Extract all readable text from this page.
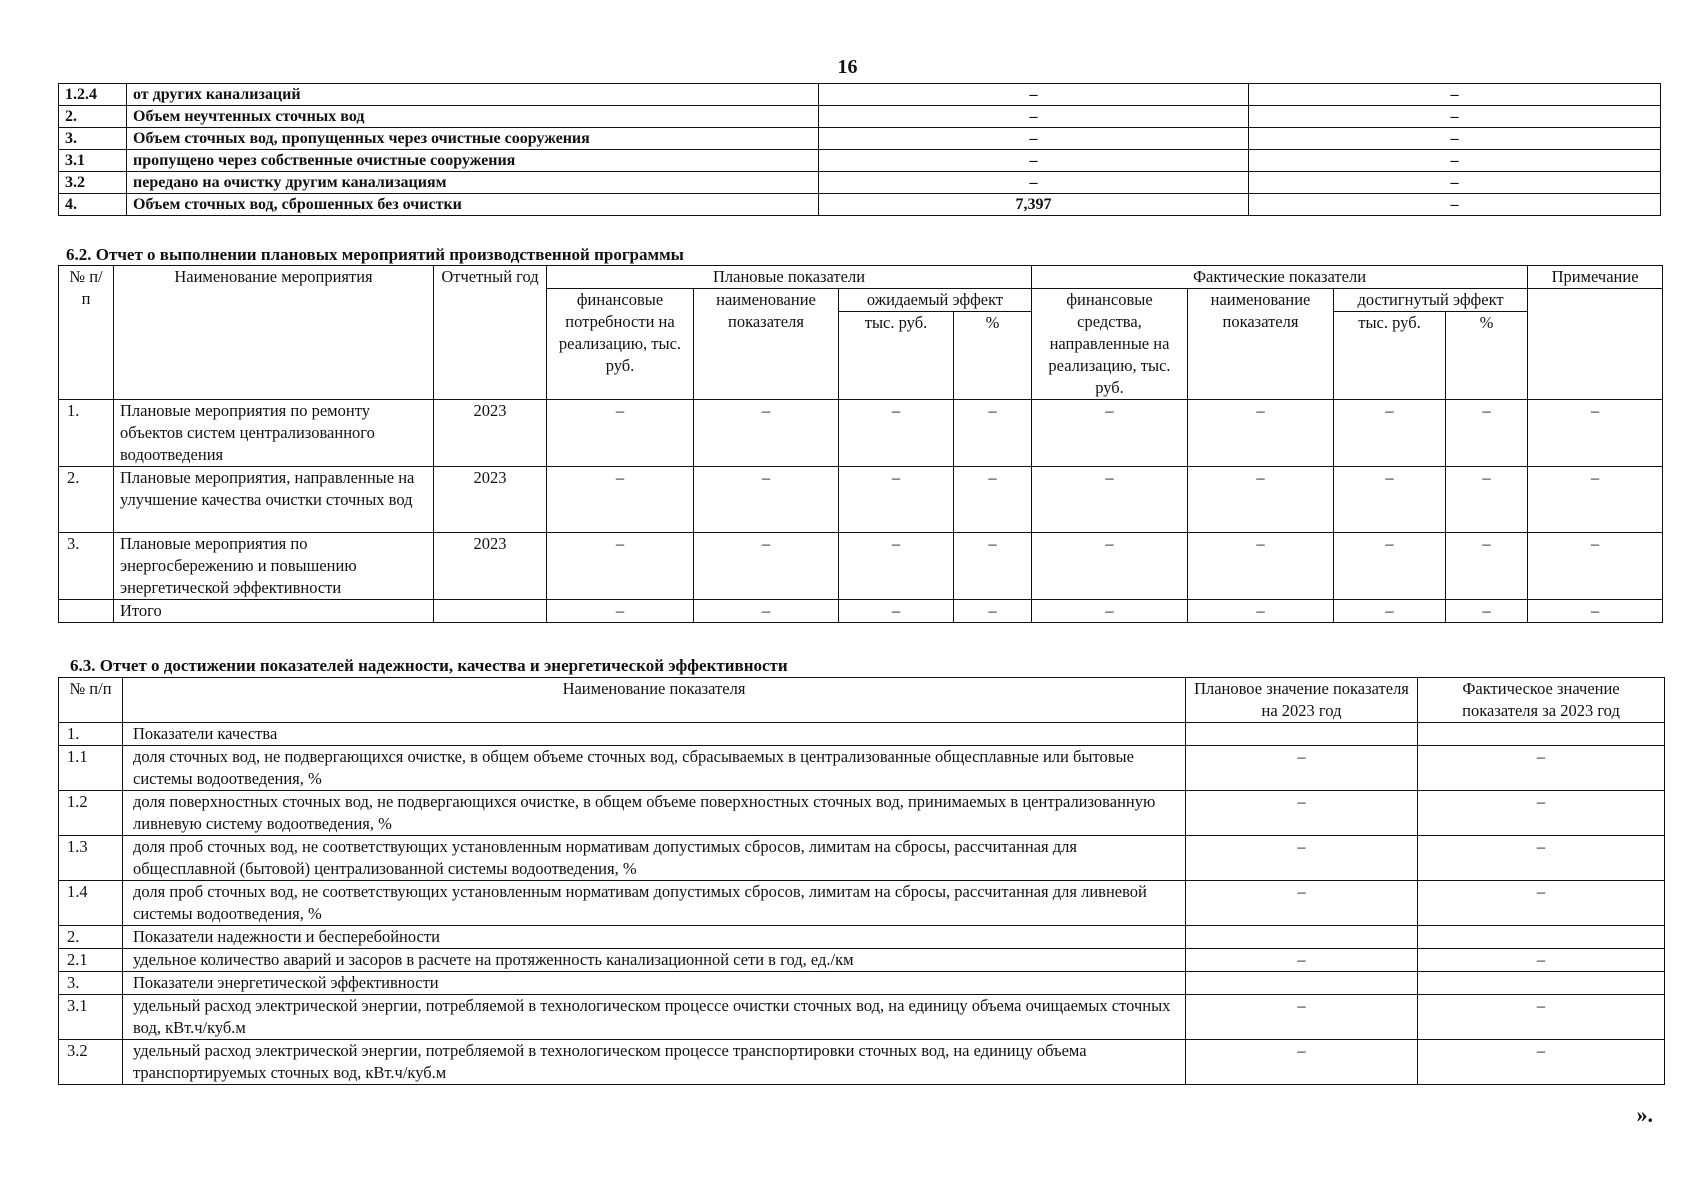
16
1.2.4	от других канализаций	–	–
2.	Объем неучтенных сточных вод	–	–
3.	Объем сточных вод, пропущенных через очистные сооружения	–	–
3.1	пропущено через собственные очистные сооружения	–	–
3.2	передано на очистку другим канализациям	–	–
4.	Объем сточных вод, сброшенных без очистки	7,397	–
6.2. Отчет о выполнении плановых мероприятий производственной программы
№ п/п	Наименование мероприятия	Отчетный год	Плановые показатели				Фактические показатели				Примечание
			финансовые потребности на реализацию, тыс. руб.	наименование показателя	ожидаемый эффект		финансовые средства, направленные на реализацию, тыс. руб.	наименование показателя	достигнутый эффект		
					тыс. руб.	%			тыс. руб.	%	
1.	Плановые мероприятия по ремонту объектов систем централизованного водоотведения	2023	–	–	–	–	–	–	–	–	–
2.	Плановые мероприятия, направленные на улучшение качества очистки сточных вод	2023	–	–	–	–	–	–	–	–	–
3.	Плановые мероприятия по энергосбережению и повышению энергетической эффективности	2023	–	–	–	–	–	–	–	–	–
	Итого		–	–	–	–	–	–	–	–	–
6.3. Отчет о достижении показателей надежности, качества и энергетической эффективности
№ п/п	Наименование показателя	Плановое значение показателя на 2023 год	Фактическое значение показателя за 2023 год
1.	Показатели качества		
1.1	доля сточных вод, не подвергающихся очистке, в общем объеме сточных вод, сбрасываемых в централизованные общесплавные или бытовые системы водоотведения, %	–	–
1.2	доля поверхностных сточных вод, не подвергающихся очистке, в общем объеме поверхностных сточных вод, принимаемых в централизованную ливневую систему водоотведения, %	–	–
1.3	доля проб сточных вод, не соответствующих установленным нормативам допустимых сбросов, лимитам на сбросы, рассчитанная для общесплавной (бытовой) централизованной системы водоотведения, %	–	–
1.4	доля проб сточных вод, не соответствующих установленным нормативам допустимых сбросов, лимитам на сбросы, рассчитанная для ливневой системы водоотведения, %	–	–
2.	Показатели надежности и бесперебойности		
2.1	удельное количество аварий и засоров в расчете на протяженность канализационной сети в год, ед./км	–	–
3.	Показатели энергетической эффективности		
3.1	удельный расход электрической энергии, потребляемой в технологическом процессе очистки сточных вод, на единицу объема очищаемых сточных вод, кВт.ч/куб.м	–	–
3.2	удельный расход электрической энергии, потребляемой в технологическом процессе транспортировки сточных вод, на единицу объема транспортируемых сточных вод, кВт.ч/куб.м	–	–
».
